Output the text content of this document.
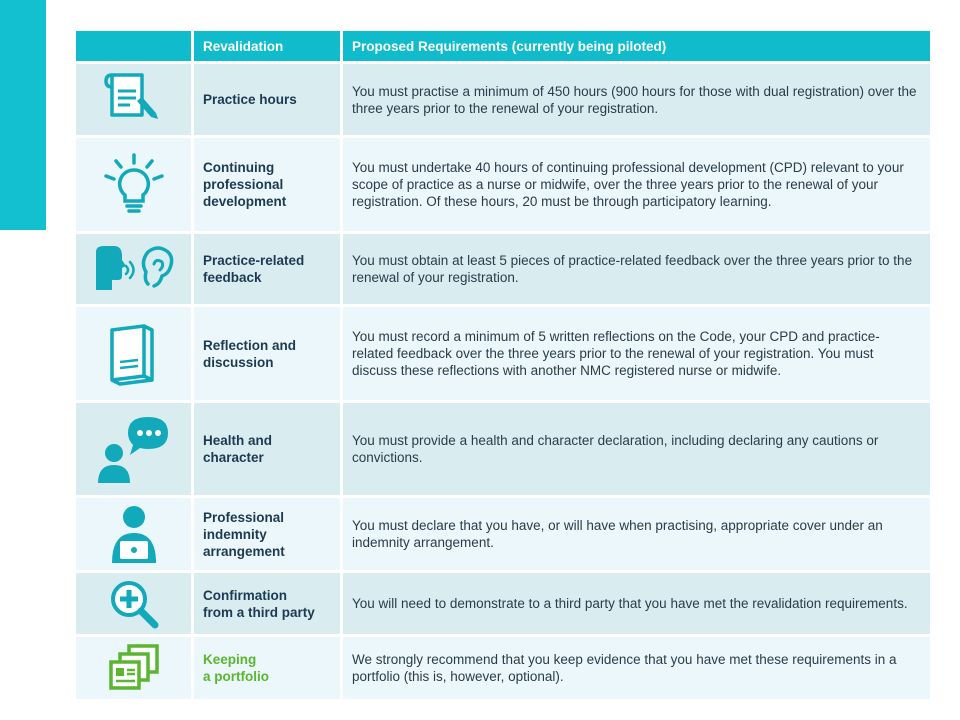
Revalidation	Proposed Requirements (currently being piloted)
Practice hours
You must practise a minimum of 450 hours (900 hours for those with dual registration) over the three years prior to the renewal of your registration.
Continuing
professional
development
You must undertake 40 hours of continuing professional development (CPD) relevant to your scope of practice as a nurse or midwife, over the three years prior to the renewal of your registration. Of these hours, 20 must be through participatory learning.
Practice-related
feedback
You must obtain at least 5 pieces of practice-related feedback over the three years prior to the renewal of your registration.
Reflection and
discussion
You must record a minimum of 5 written reflections on the Code, your CPD and practice-related feedback over the three years prior to the renewal of your registration. You must discuss these reflections with another NMC registered nurse or midwife.
Health and
character
You must provide a health and character declaration, including declaring any cautions or convictions.
Professional
indemnity
arrangement
You must declare that you have, or will have when practising, appropriate cover under an indemnity arrangement.
Confirmation
from a third party
You will need to demonstrate to a third party that you have met the revalidation requirements.
Keeping
a portfolio
We strongly recommend that you keep evidence that you have met these requirements in a portfolio (this is, however, optional).
